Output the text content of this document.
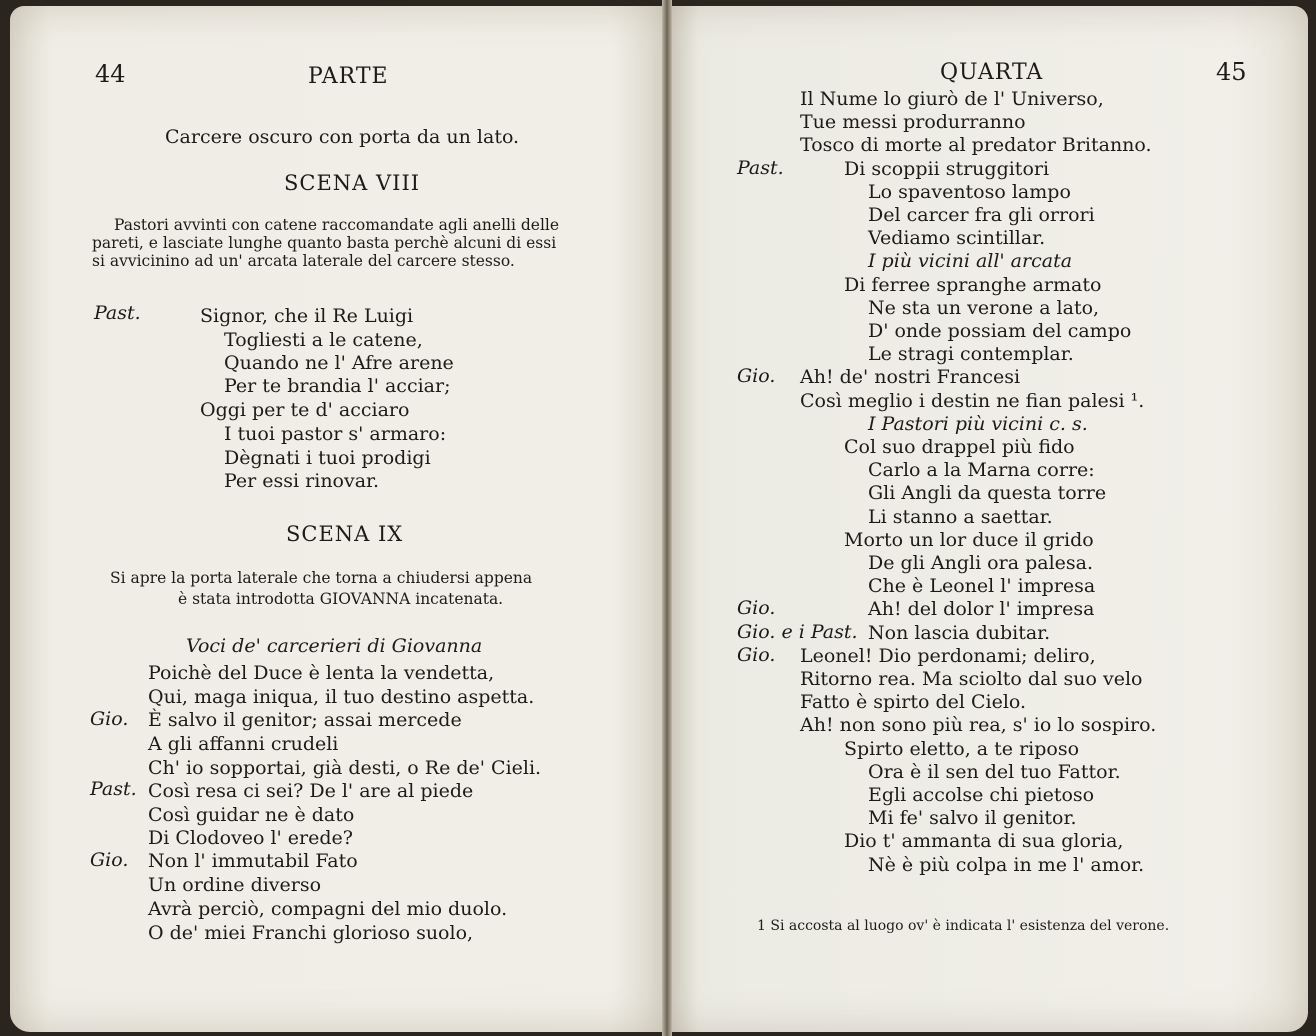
44	PARTE
Carcere oscuro con porta da un lato.
SCENA VIII
Pastori avvinti con catene raccomandate agli anelli delle
pareti, e lasciate lunghe quanto basta perchè alcuni di essi
si avvicinino ad un' arcata laterale del carcere stesso.
Past.	Signor, che il Re Luigi
Togliesti a le catene,
Quando ne l' Afre arene
Per te brandia l' acciar;
Oggi per te d' acciaro
I tuoi pastor s' armaro:
Dègnati i tuoi prodigi
Per essi rinovar.
SCENA IX
Si apre la porta laterale che torna a chiudersi appena
è stata introdotta GIOVANNA incatenata.
Voci de' carcerieri di Giovanna
Poichè del Duce è lenta la vendetta,
Qui, maga iniqua, il tuo destino aspetta.
Gio. È salvo il genitor; assai mercede
A gli affanni crudeli
Ch' io sopportai, già desti, o Re de' Cieli.
Past. Così resa ci sei? De l' are al piede
Così guidar ne è dato
Di Clodoveo l' erede?
Gio. Non l' immutabil Fato
Un ordine diverso
Avrà perciò, compagni del mio duolo.
O de' miei Franchi glorioso suolo,
QUARTA	45
Il Nume lo giurò de l' Universo,
Tue messi produrranno
Tosco di morte al predator Britanno.
Past.	Di scoppii struggitori
Lo spaventoso lampo
Del carcer fra gli orrori
Vediamo scintillar.
I più vicini all' arcata
Di ferree spranghe armato
Ne sta un verone a lato,
D' onde possiam del campo
Le stragi contemplar.
Gio. Ah! de' nostri Francesi
Così meglio i destin ne fian palesi ¹.
I Pastori più vicini c. s.
Col suo drappel più fido
Carlo a la Marna corre:
Gli Angli da questa torre
Li stanno a saettar.
Morto un lor duce il grido
De gli Angli ora palesa.
Che è Leonel l' impresa
Gio.	Ah! del dolor l' impresa
Gio. e i Past. Non lascia dubitar.
Gio. Leonel! Dio perdonami; deliro,
Ritorno rea. Ma sciolto dal suo velo
Fatto è spirto del Cielo.
Ah! non sono più rea, s' io lo sospiro.
Spirto eletto, a te riposo
Ora è il sen del tuo Fattor.
Egli accolse chi pietoso
Mi fe' salvo il genitor.
Dio t' ammanta di sua gloria,
Nè è più colpa in me l' amor.
1 Si accosta al luogo ov' è indicata l' esistenza del verone.
